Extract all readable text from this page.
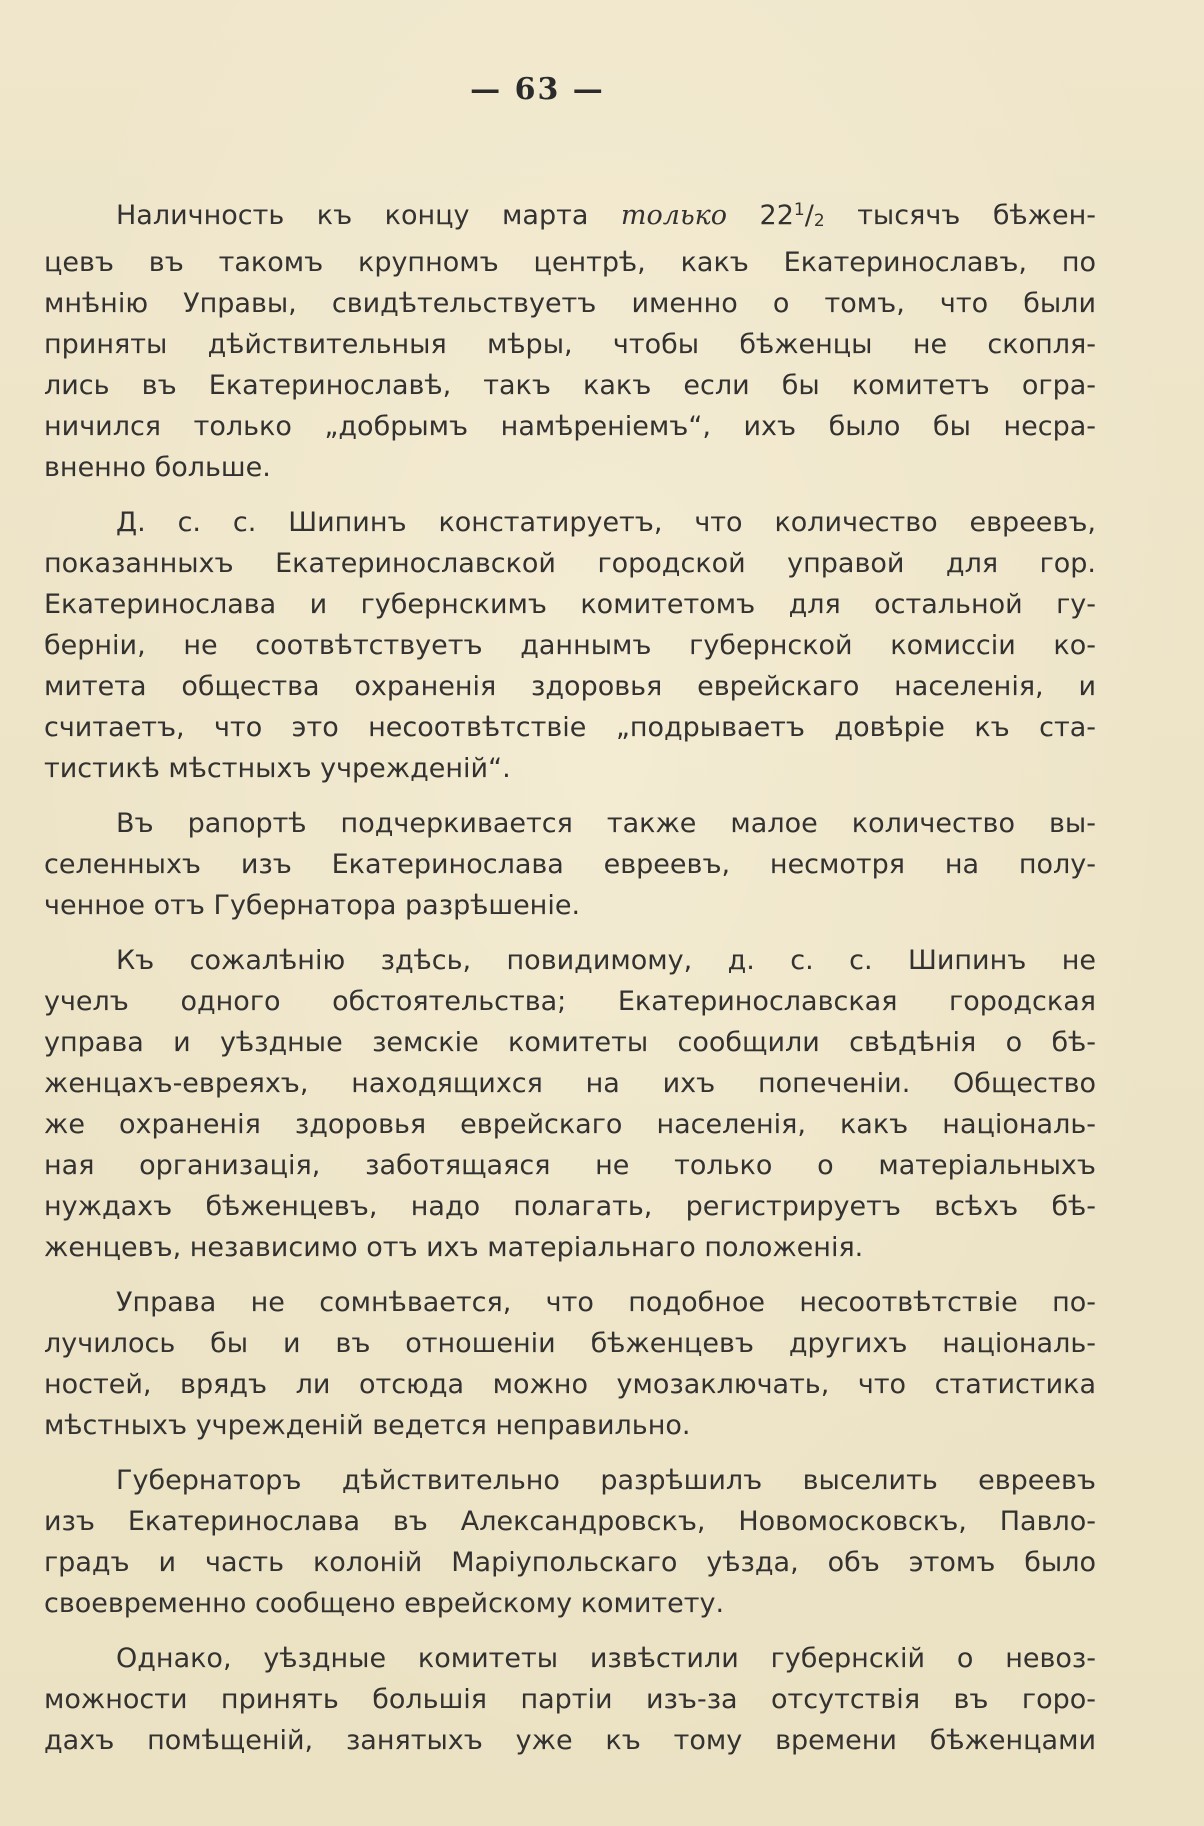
— 63 —
Наличность къ концу марта только $22^1/2$ тысячъ бѣжен-
цевъ въ такомъ крупномъ центрѣ, какъ Екатеринославъ, по
мнѣнію Управы, свидѣтельствуетъ именно о томъ, что были
приняты дѣйствительныя мѣры, чтобы бѣженцы не скопля-
лись въ Екатеринославѣ, такъ какъ если бы комитетъ огра-
ничился только „добрымъ намѣреніемъ“, ихъ было бы несра-
вненно больше.
Д. с. с. Шипинъ констатируетъ, что количество евреевъ,
показанныхъ Екатеринославской городской управой для гор.
Екатеринослава и губернскимъ комитетомъ для остальной гу-
берніи, не соотвѣтствуетъ даннымъ губернской комиссіи ко-
митета общества охраненія здоровья еврейскаго населенія, и
считаетъ, что это несоотвѣтствіе „подрываетъ довѣріе къ ста-
тистикѣ мѣстныхъ учрежденій“.
Въ рапортѣ подчеркивается также малое количество вы-
селенныхъ изъ Екатеринослава евреевъ, несмотря на полу-
ченное отъ Губернатора разрѣшеніе.
Къ сожалѣнію здѣсь, повидимому, д. с. с. Шипинъ не
учелъ одного обстоятельства; Екатеринославская городская
управа и уѣздные земскіе комитеты сообщили свѣдѣнія о бѣ-
женцахъ-евреяхъ, находящихся на ихъ попеченіи. Общество
же охраненія здоровья еврейскаго населенія, какъ національ-
ная организація, заботящаяся не только о матеріальныхъ
нуждахъ бѣженцевъ, надо полагать, регистрируетъ всѣхъ бѣ-
женцевъ, независимо отъ ихъ матеріальнаго положенія.
Управа не сомнѣвается, что подобное несоотвѣтствіе по-
лучилось бы и въ отношеніи бѣженцевъ другихъ національ-
ностей, врядъ ли отсюда можно умозаключать, что статистика
мѣстныхъ учрежденій ведется неправильно.
Губернаторъ дѣйствительно разрѣшилъ выселить евреевъ
изъ Екатеринослава въ Александровскъ, Новомосковскъ, Павло-
градъ и часть колоній Маріупольскаго уѣзда, объ этомъ было
своевременно сообщено еврейскому комитету.
Однако, уѣздные комитеты извѣстили губернскій о невоз-
можности принять большія партіи изъ-за отсутствія въ горо-
дахъ помѣщеній, занятыхъ уже къ тому времени бѣженцами
